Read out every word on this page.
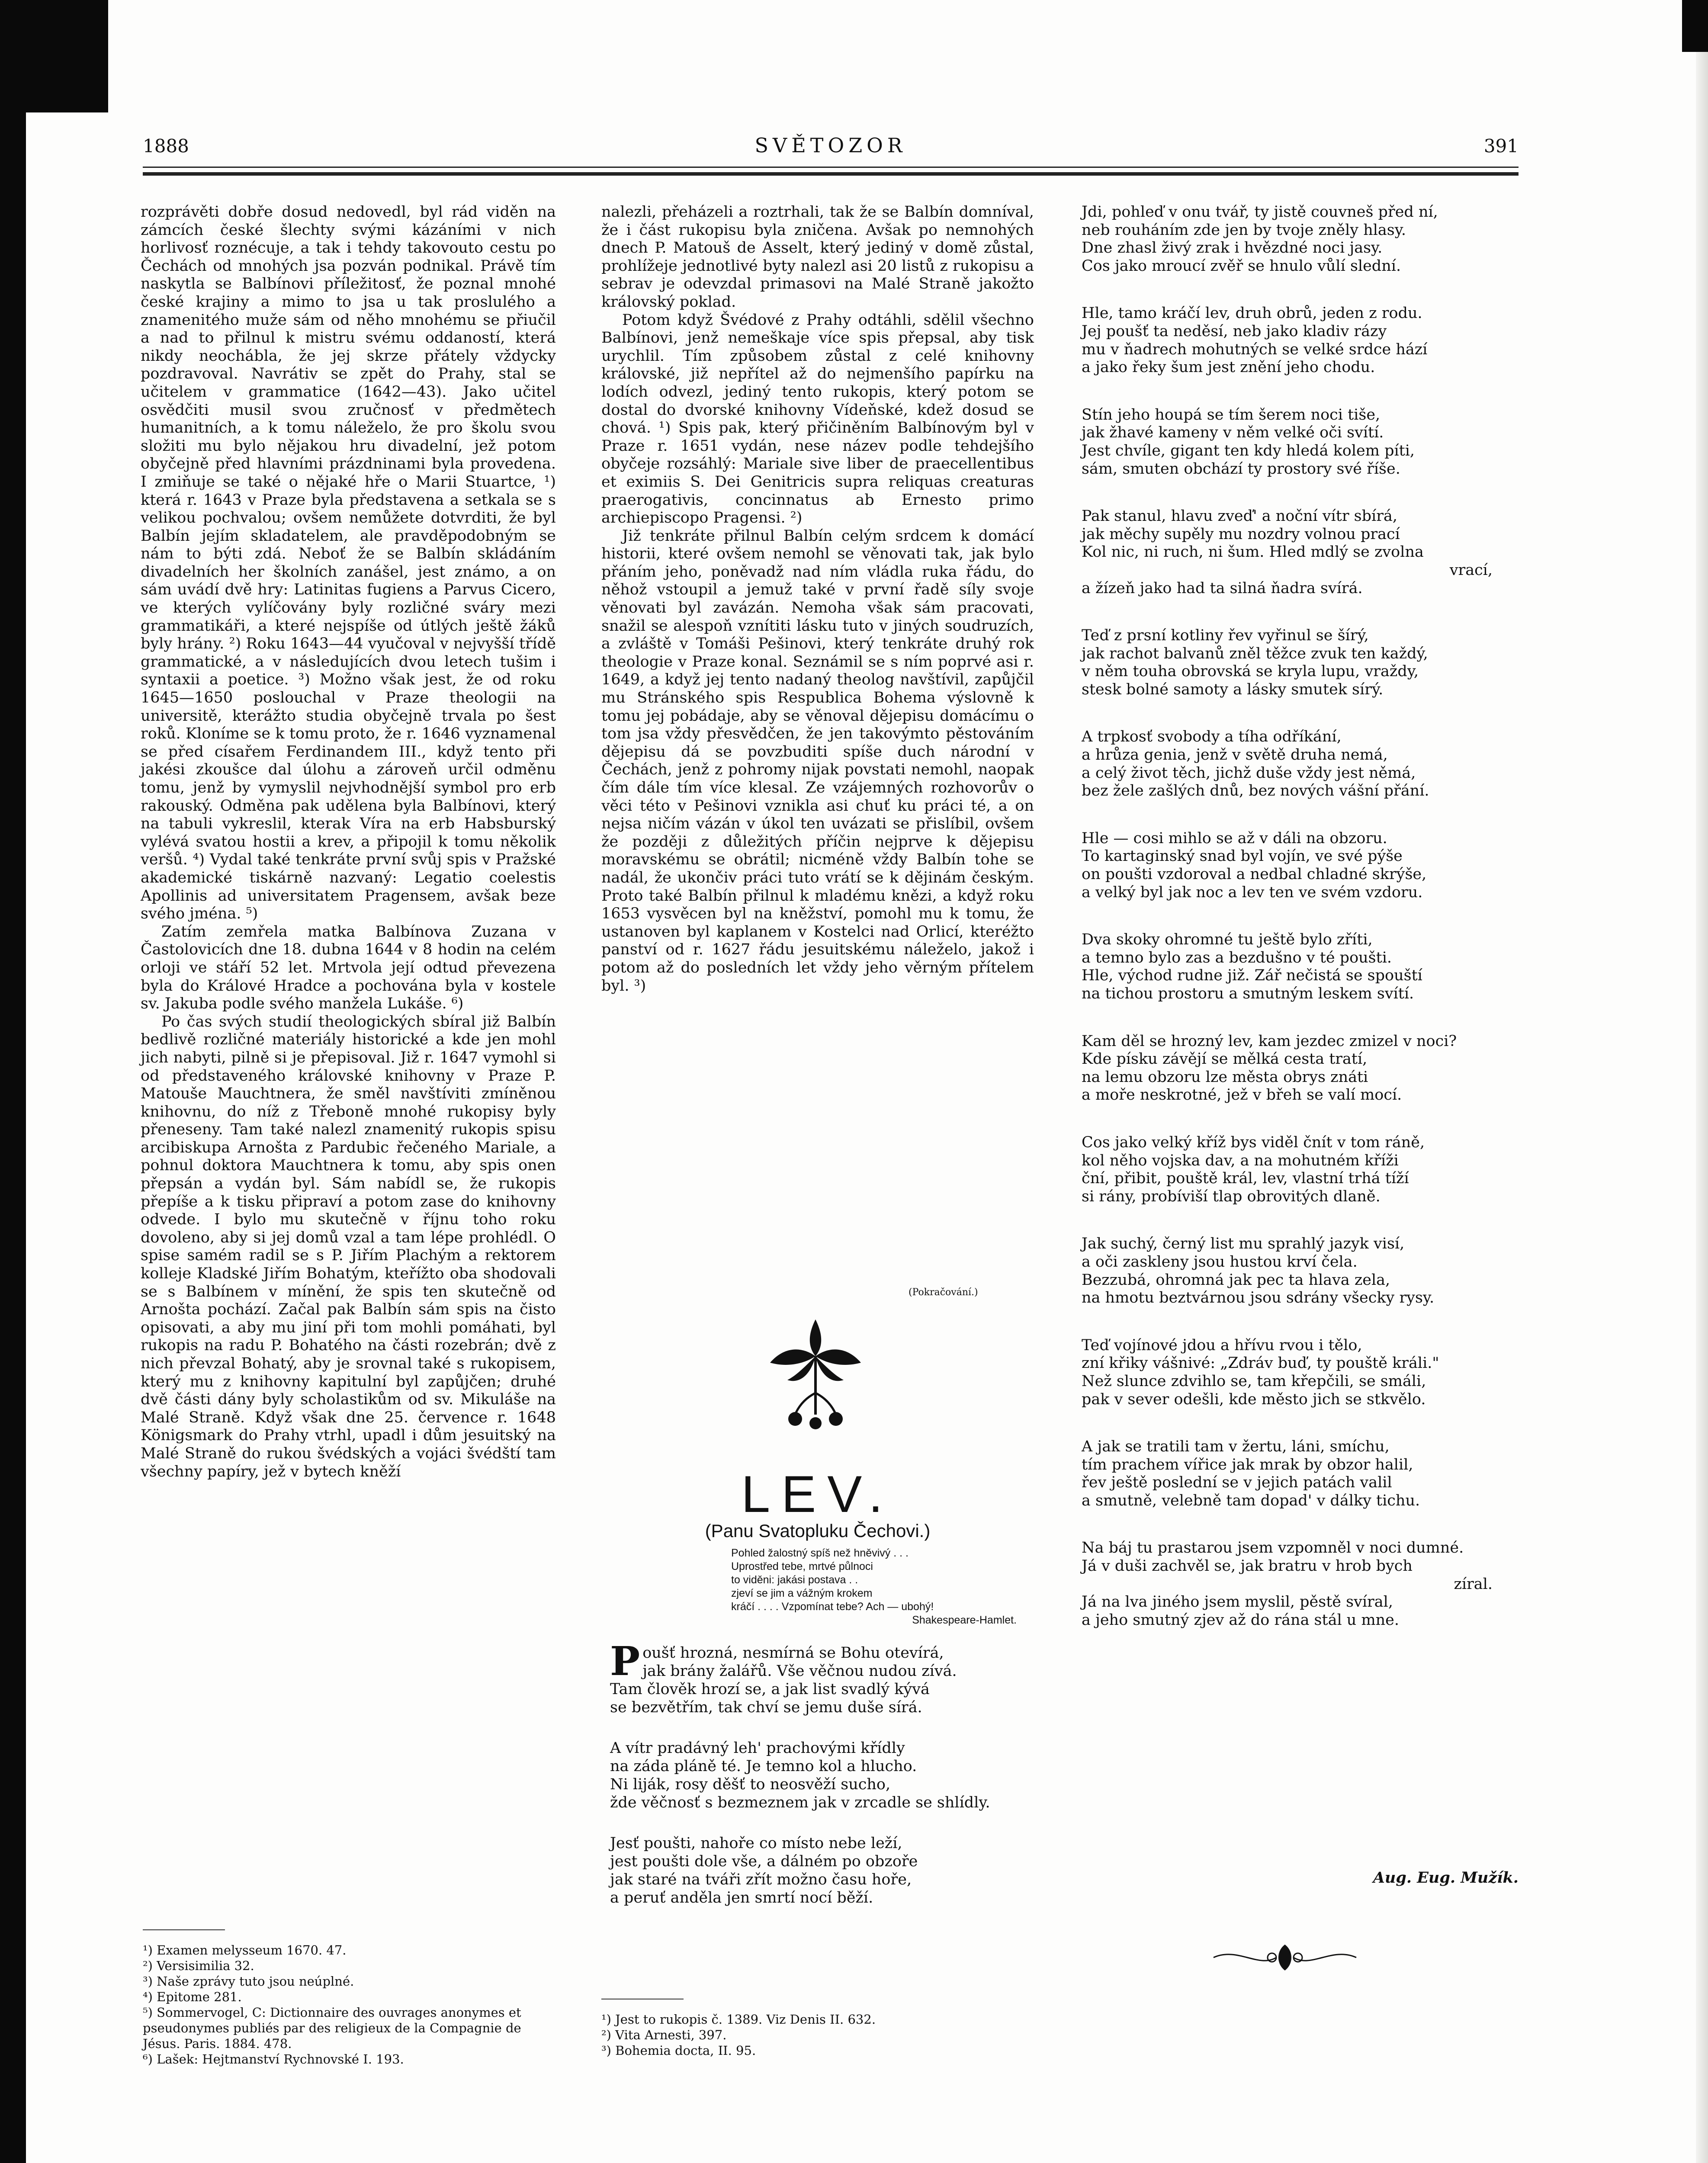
1888	SVĚTOZOR	391

rozprávěti dobře dosud nedovedl, byl rád viděn na zámcích české šlechty svými kázáními v nich horlivosť roznécuje, a tak i tehdy takovouto cestu po Čechách od mnohých jsa pozván podnikal. Právě tím naskytla se Balbínovi příležitosť, že poznal mnohé české krajiny a mimo to jsa u tak proslulého a znamenitého muže sám od něho mnohému se přiučil a nad to přilnul k mistru svému oddaností, která nikdy neochábla, že jej skrze přátely vždycky pozdravoval. Navrátiv se zpět do Prahy, stal se učitelem v grammatice (1642—43). Jako učitel osvědčiti musil svou zručnosť v předmětech humanitních, a k tomu náleželo, že pro školu svou složiti mu bylo nějakou hru divadelní, jež potom obyčejně před hlavními prázdninami byla provedena. I zmiňuje se také o nějaké hře o Marii Stuartce, ¹) která r. 1643 v Praze byla představena a setkala se s velikou pochvalou; ovšem nemůžete dotvrditi, že byl Balbín jejím skladatelem, ale pravděpodobným se nám to býti zdá. Neboť že se Balbín skládáním divadelních her školních zanášel, jest známo, a on sám uvádí dvě hry: Latinitas fugiens a Parvus Cicero, ve kterých vylíčovány byly rozličné sváry mezi grammatikáři, a které nejspíše od útlých ještě žáků byly hrány. ²) Roku 1643—44 vyučoval v nejvyšší třídě grammatické, a v následujících dvou letech tušim i syntaxii a poetice. ³) Možno však jest, že od roku 1645—1650 poslouchal v Praze theologii na universitě, kterážto studia obyčejně trvala po šest roků. Kloníme se k tomu proto, že r. 1646 vyznamenal se před císařem Ferdinandem III., když tento při jakési zkoušce dal úlohu a zároveň určil odměnu tomu, jenž by vymyslil nejvhodnější symbol pro erb rakouský. Odměna pak udělena byla Balbínovi, který na tabuli vykreslil, kterak Víra na erb Habsburský vylévá svatou hostii a krev, a připojil k tomu několik veršů. ⁴) Vydal také tenkráte první svůj spis v Pražské akademické tiskárně nazvaný: Legatio coelestis Apollinis ad universitatem Pragensem, avšak beze svého jména. ⁵)

Zatím zemřela matka Balbínova Zuzana v Častolovicích dne 18. dubna 1644 v 8 hodin na celém orloji ve stáří 52 let. Mrtvola její odtud převezena byla do Králové Hradce a pochována byla v kostele sv. Jakuba podle svého manžela Lukáše. ⁶)

Po čas svých studií theologických sbíral již Balbín bedlivě rozličné materiály historické a kde jen mohl jich nabyti, pilně si je přepisoval. Již r. 1647 vymohl si od představeného královské knihovny v Praze P. Matouše Mauchtnera, že směl navštíviti zmíněnou knihovnu, do níž z Třeboně mnohé rukopisy byly přeneseny. Tam také nalezl znamenitý rukopis spisu arcibiskupa Arnošta z Pardubic řečeného Mariale, a pohnul doktora Mauchtnera k tomu, aby spis onen přepsán a vydán byl. Sám nabídl se, že rukopis přepíše a k tisku připraví a potom zase do knihovny odvede. I bylo mu skutečně v říjnu toho roku dovoleno, aby si jej domů vzal a tam lépe prohlédl. O spise samém radil se s P. Jiřím Plachým a rektorem kolleje Kladské Jiřím Bohatým, kteřížto oba shodovali se s Balbínem v mínění, že spis ten skutečně od Arnošta pochází. Začal pak Balbín sám spis na čisto opisovati, a aby mu jiní při tom mohli pomáhati, byl rukopis na radu P. Bohatého na části rozebrán; dvě z nich převzal Bohatý, aby je srovnal také s rukopisem, který mu z knihovny kapitulní byl zapůjčen; druhé dvě části dány byly scholastikům od sv. Mikuláše na Malé Straně. Když však dne 25. července r. 1648 Königsmark do Prahy vtrhl, upadl i dům jesuitský na Malé Straně do rukou švédských a vojáci švédští tam všechny papíry, jež v bytech kněží

¹) Examen melysseum 1670. 47.

²) Versisimilia 32.

³) Naše zprávy tuto jsou neúplné.

⁴) Epitome 281.

⁵) Sommervogel, C: Dictionnaire des ouvrages anonymes et pseudonymes publiés par des religieux de la Compagnie de Jésus. Paris. 1884. 478.

⁶) Lašek: Hejtmanství Rychnovské I. 193.

nalezli, přeházeli a roztrhali, tak že se Balbín domníval, že i část rukopisu byla zničena. Avšak po nemnohých dnech P. Matouš de Asselt, který jediný v domě zůstal, prohlížeje jednotlivé byty nalezl asi 20 listů z rukopisu a sebrav je odevzdal primasovi na Malé Straně jakožto královský poklad.

Potom když Švédové z Prahy odtáhli, sdělil všechno Balbínovi, jenž nemeškaje více spis přepsal, aby tisk urychlil. Tím způsobem zůstal z celé knihovny královské, již nepřítel až do nejmenšího papírku na lodích odvezl, jediný tento rukopis, který potom se dostal do dvorské knihovny Vídeňské, kdež dosud se chová. ¹) Spis pak, který přičiněním Balbínovým byl v Praze r. 1651 vydán, nese název podle tehdejšího obyčeje rozsáhlý: Mariale sive liber de praecellentibus et eximiis S. Dei Genitricis supra reliquas creaturas praerogativis, concinnatus ab Ernesto primo archiepiscopo Pragensi. ²)

Již tenkráte přilnul Balbín celým srdcem k domácí historii, které ovšem nemohl se věnovati tak, jak bylo přáním jeho, poněvadž nad ním vládla ruka řádu, do něhož vstoupil a jemuž také v první řadě síly svoje věnovati byl zavázán. Nemoha však sám pracovati, snažil se alespoň vznítiti lásku tuto v jiných soudruzích, a zvláště v Tomáši Pešinovi, který tenkráte druhý rok theologie v Praze konal. Seznámil se s ním poprvé asi r. 1649, a když jej tento nadaný theolog navštívil, zapůjčil mu Stránského spis Respublica Bohema výslovně k tomu jej pobádaje, aby se věnoval dějepisu domácímu o tom jsa vždy přesvědčen, že jen takovýmto pěstováním dějepisu dá se povzbuditi spíše duch národní v Čechách, jenž z pohromy nijak povstati nemohl, naopak čím dále tím více klesal. Ze vzájemných rozhovorův o věci této v Pešinovi vznikla asi chuť ku práci té, a on nejsa ničím vázán v úkol ten uvázati se přislíbil, ovšem že později z důležitých příčin nejprve k dějepisu moravskému se obrátil; nicméně vždy Balbín tohe se nadál, že ukončiv práci tuto vrátí se k dějinám českým. Proto také Balbín přilnul k mladému knězi, a když roku 1653 vysvěcen byl na kněžství, pomohl mu k tomu, že ustanoven byl kaplanem v Kostelci nad Orlicí, kteréžto panství od r. 1627 řádu jesuitskému náleželo, jakož i potom až do posledních let vždy jeho věrným přítelem byl. ³)

(Pokračování.)
LEV.
(Panu Svatopluku Čechovi.)

Pohled žalostný spíš než hněvivý . . .

Uprostřed tebe, mrtvé půlnoci

to viděni: jakási postava . .

zjeví se jim a vážným krokem

kráčí . . . . Vzpomínat tebe? Ach — ubohý!

Shakespeare-Hamlet.

P oušť hrozná, nesmírná se Bohu otevírá,
jak brány žalářů. Vše věčnou nudou zívá.
Tam člověk hrozí se, a jak list svadlý kývá
se bezvětřím, tak chví se jemu duše sírá.
A vítr pradávný leh' prachovými křídly
na záda pláně té. Je temno kol a hlucho.
Ni liják, rosy děšť to neosvěží sucho,
žde věčnosť s bezmeznem jak v zrcadle se shlídly.
Jesť poušti, nahoře co místo nebe leží,
jest poušti dole vše, a dálném po obzoře
jak staré na tváři zřít možno času hoře,
a peruť anděla jen smrtí nocí běží.

¹) Jest to rukopis č. 1389. Viz Denis II. 632.

²) Vita Arnesti, 397.

³) Bohemia docta, II. 95.

Jdi, pohleď v onu tvář, ty jistě couvneš před ní,
neb rouháním zde jen by tvoje zněly hlasy.
Dne zhasl živý zrak i hvězdné noci jasy.
Cos jako mroucí zvěř se hnulo vůlí slední.
Hle, tamo kráčí lev, druh obrů, jeden z rodu.
Jej poušť ta neděsí, neb jako kladiv rázy
mu v ňadrech mohutných se velké srdce hází
a jako řeky šum jest znění jeho chodu.
Stín jeho houpá se tím šerem noci tiše,
jak žhavé kameny v něm velké oči svítí.
Jest chvíle, gigant ten kdy hledá kolem píti,
sám, smuten obchází ty prostory své říše.
Pak stanul, hlavu zveď' a noční vítr sbírá,
jak měchy supěly mu nozdry volnou prací
Kol nic, ni ruch, ni šum. Hled mdlý se zvolna
vrací,
a žízeň jako had ta silná ňadra svírá.
Teď z prsní kotliny řev vyřinul se šírý,
jak rachot balvanů zněl těžce zvuk ten každý,
v něm touha obrovská se kryla lupu, vraždy,
stesk bolné samoty a lásky smutek sírý.
A trpkosť svobody a tíha odříkání,
a hrůza genia, jenž v světě druha nemá,
a celý život těch, jichž duše vždy jest němá,
bez žele zašlých dnů, bez nových vášní přání.
Hle — cosi mihlo se až v dáli na obzoru.
To kartaginský snad byl vojín, ve své pýše
on poušti vzdoroval a nedbal chladné skrýše,
a velký byl jak noc a lev ten ve svém vzdoru.
Dva skoky ohromné tu ještě bylo zříti,
a temno bylo zas a bezdušno v té poušti.
Hle, východ rudne již. Zář nečistá se spouští
na tichou prostoru a smutným leskem svítí.
Kam děl se hrozný lev, kam jezdec zmizel v noci?
Kde písku závějí se mělká cesta tratí,
na lemu obzoru lze města obrys znáti
a moře neskrotné, jež v břeh se valí mocí.
Cos jako velký kříž bys viděl čnít v tom ráně,
kol něho vojska dav, a na mohutném kříži
ční, přibit, pouště král, lev, vlastní trhá tíží
si rány, probíviší tlap obrovitých dlaně.
Jak suchý, černý list mu sprahlý jazyk visí,
a oči zaskleny jsou hustou krví čela.
Bezzubá, ohromná jak pec ta hlava zela,
na hmotu beztvárnou jsou sdrány všecky rysy.
Teď vojínové jdou a hřívu rvou i tělo,
zní křiky vášnivé: „Zdráv buď, ty pouště králi."
Než slunce zdvihlo se, tam křepčili, se smáli,
pak v sever odešli, kde město jich se stkvělo.
A jak se tratili tam v žertu, láni, smíchu,
tím prachem vířice jak mrak by obzor halil,
řev ještě poslední se v jejich patách valil
a smutně, velebně tam dopad' v dálky tichu.
Na báj tu prastarou jsem vzpomněl v noci dumné.
Já v duši zachvěl se, jak bratru v hrob bych
zíral.
Já na lva jiného jsem myslil, pěstě svíral,
a jeho smutný zjev až do rána stál u mne.
Aug. Eug. Mužík.
